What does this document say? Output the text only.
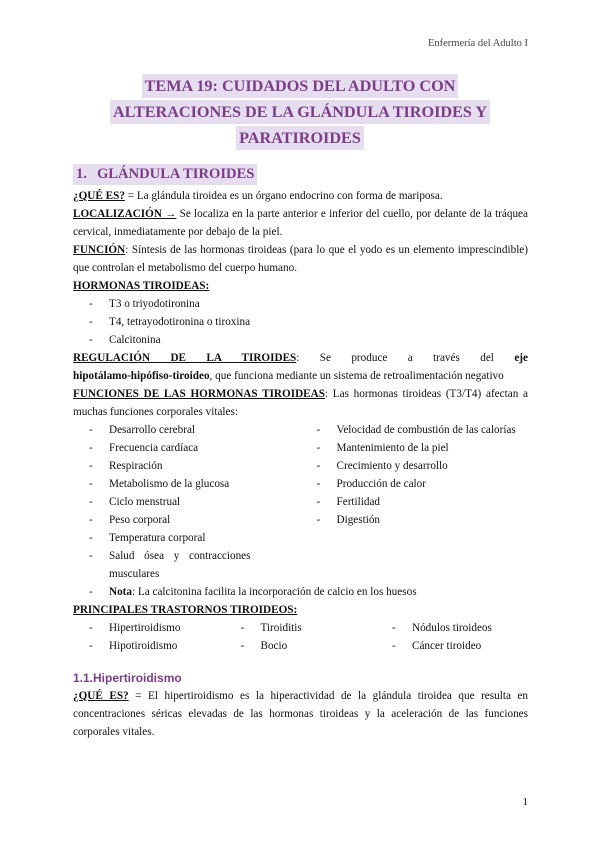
Enfermería del Adulto I
TEMA 19: CUIDADOS DEL ADULTO CON
ALTERACIONES DE LA GLÁNDULA TIROIDES Y
PARATIROIDES
1. GLÁNDULA TIROIDES

¿QUÉ ES? = La glándula tiroidea es un órgano endocrino con forma de mariposa.

LOCALIZACIÓN → Se localiza en la parte anterior e inferior del cuello, por delante de la tráquea cervical, inmediatamente por debajo de la piel.

FUNCIÓN: Síntesis de las hormonas tiroideas (para lo que el yodo es un elemento imprescindible) que controlan el metabolismo del cuerpo humano.

HORMONAS TIROIDEAS:

- T3 o triyodotironina
- T4, tetrayodotironina o tiroxina
- Calcitonina

REGULACIÓN DE LA TIROIDES: Se produce a través del eje
hipotálamo-hipófiso-tiroideo, que funciona mediante un sistema de retroalimentación negativo

FUNCIONES DE LAS HORMONAS TIROIDEAS: Las hormonas tiroideas (T3/T4) afectan a muchas funciones corporales vitales:

- Desarrollo cerebral
- Frecuencia cardíaca
- Respiración
- Metabolismo de la glucosa
- Ciclo menstrual
- Peso corporal
- Temperatura corporal
- Salud ósea y contracciones musculares
- Velocidad de combustión de las calorías
- Mantenimiento de la piel
- Crecimiento y desarrollo
- Producción de calor
- Fertilidad
- Digestión
- Nota: La calcitonina facilita la incorporación de calcio en los huesos

PRINCIPALES TRASTORNOS TIROIDEOS:

- Hipertiroidismo
- Hipotiroidismo
- Tiroiditis
- Bocio
- Nódulos tiroideos
- Cáncer tiroideo
1.1.Hipertiroidismo

¿QUÉ ES? = El hipertiroidismo es la hiperactividad de la glándula tiroidea que resulta en concentraciones séricas elevadas de las hormonas tiroideas y la aceleración de las funciones corporales vitales.

1
